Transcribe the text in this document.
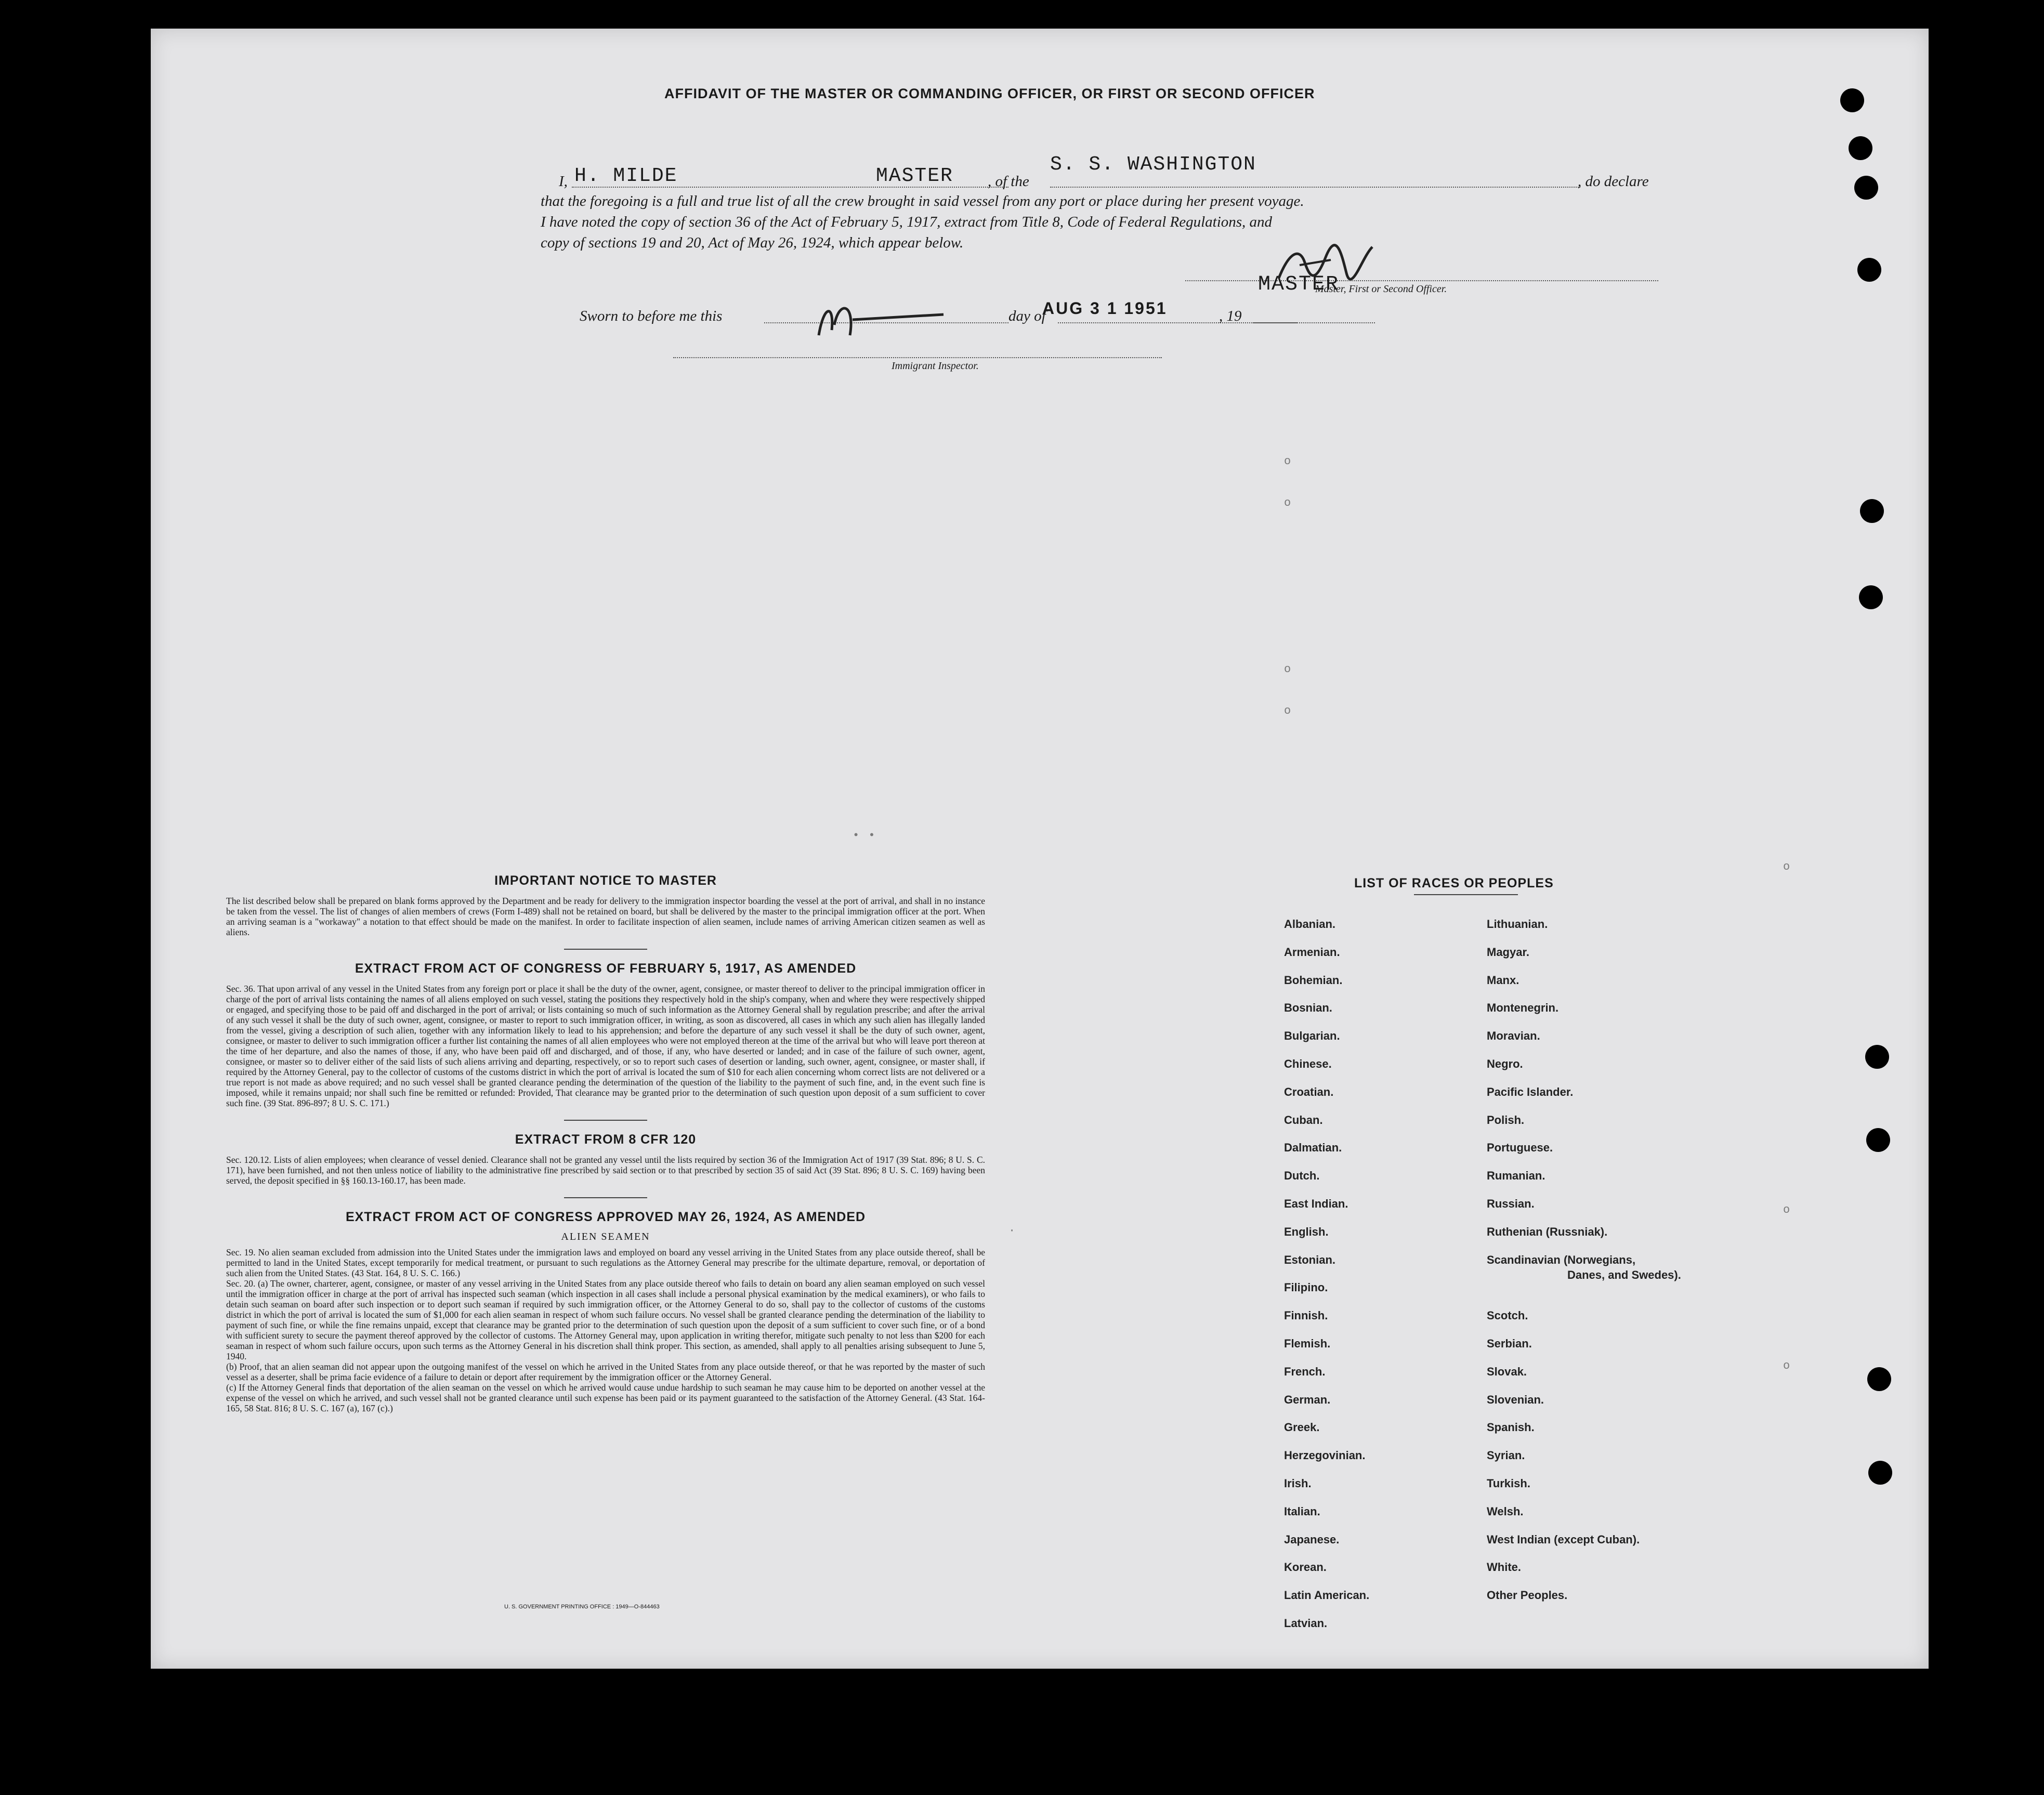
AFFIDAVIT OF THE MASTER OR COMMANDING OFFICER, OR FIRST OR SECOND OFFICER
I, H. MILDE	MASTER , of the
S. S. WASHINGTON
, do declare
that the foregoing is a full and true list of all the crew brought in said vessel from any port or place during her present voyage.
I have noted the copy of section 36 of the Act of February 5, 1917, extract from Title 8, Code of Federal Regulations, and
copy of sections 19 and 20, Act of May 26, 1924, which appear below.
MASTER
Master, First or Second Officer.
Sworn to before me this	day of
AUG 3 1 1951	, 19
Immigrant Inspector.
IMPORTANT NOTICE TO MASTER
The list described below shall be prepared on blank forms approved by the Department and be ready for delivery to the immigration inspector boarding the vessel at the port of arrival, and shall in no instance be taken from the vessel. The list of changes of alien members of crews (Form I-489) shall not be retained on board, but shall be delivered by the master to the principal immigration officer at the port. When an arriving seaman is a "workaway" a notation to that effect should be made on the manifest. In order to facilitate inspection of alien seamen, include names of arriving American citizen seamen as well as aliens.
EXTRACT FROM ACT OF CONGRESS OF FEBRUARY 5, 1917, AS AMENDED
Sec. 36. That upon arrival of any vessel in the United States from any foreign port or place it shall be the duty of the owner, agent, consignee, or master thereof to deliver to the principal immigration officer in charge of the port of arrival lists containing the names of all aliens employed on such vessel, stating the positions they respectively hold in the ship's company, when and where they were respectively shipped or engaged, and specifying those to be paid off and discharged in the port of arrival; or lists containing so much of such information as the Attorney General shall by regulation prescribe; and after the arrival of any such vessel it shall be the duty of such owner, agent, consignee, or master to report to such immigration officer, in writing, as soon as discovered, all cases in which any such alien has illegally landed from the vessel, giving a description of such alien, together with any information likely to lead to his apprehension; and before the departure of any such vessel it shall be the duty of such owner, agent, consignee, or master to deliver to such immigration officer a further list containing the names of all alien employees who were not employed thereon at the time of the arrival but who will leave port thereon at the time of her departure, and also the names of those, if any, who have been paid off and discharged, and of those, if any, who have deserted or landed; and in case of the failure of such owner, agent, consignee, or master so to deliver either of the said lists of such aliens arriving and departing, respectively, or so to report such cases of desertion or landing, such owner, agent, consignee, or master shall, if required by the Attorney General, pay to the collector of customs of the customs district in which the port of arrival is located the sum of $10 for each alien concerning whom correct lists are not delivered or a true report is not made as above required; and no such vessel shall be granted clearance pending the determination of the question of the liability to the payment of such fine, and, in the event such fine is imposed, while it remains unpaid; nor shall such fine be remitted or refunded: Provided, That clearance may be granted prior to the determination of such question upon deposit of a sum sufficient to cover such fine. (39 Stat. 896-897; 8 U. S. C. 171.)
EXTRACT FROM 8 CFR 120
Sec. 120.12. Lists of alien employees; when clearance of vessel denied. Clearance shall not be granted any vessel until the lists required by section 36 of the Immigration Act of 1917 (39 Stat. 896; 8 U. S. C. 171), have been furnished, and not then unless notice of liability to the administrative fine prescribed by said section or to that prescribed by section 35 of said Act (39 Stat. 896; 8 U. S. C. 169) having been served, the deposit specified in §§ 160.13-160.17, has been made.
EXTRACT FROM ACT OF CONGRESS APPROVED MAY 26, 1924, AS AMENDED
ALIEN SEAMEN
Sec. 19. No alien seaman excluded from admission into the United States under the immigration laws and employed on board any vessel arriving in the United States from any place outside thereof, shall be permitted to land in the United States, except temporarily for medical treatment, or pursuant to such regulations as the Attorney General may prescribe for the ultimate departure, removal, or deportation of such alien from the United States. (43 Stat. 164, 8 U. S. C. 166.)
Sec. 20. (a) The owner, charterer, agent, consignee, or master of any vessel arriving in the United States from any place outside thereof who fails to detain on board any alien seaman employed on such vessel until the immigration officer in charge at the port of arrival has inspected such seaman (which inspection in all cases shall include a personal physical examination by the medical examiners), or who fails to detain such seaman on board after such inspection or to deport such seaman if required by such immigration officer, or the Attorney General to do so, shall pay to the collector of customs of the customs district in which the port of arrival is located the sum of $1,000 for each alien seaman in respect of whom such failure occurs. No vessel shall be granted clearance pending the determination of the liability to payment of such fine, or while the fine remains unpaid, except that clearance may be granted prior to the determination of such question upon the deposit of a sum sufficient to cover such fine, or of a bond with sufficient surety to secure the payment thereof approved by the collector of customs. The Attorney General may, upon application in writing therefor, mitigate such penalty to not less than $200 for each seaman in respect of whom such failure occurs, upon such terms as the Attorney General in his discretion shall think proper. This section, as amended, shall apply to all penalties arising subsequent to June 5, 1940.
(b) Proof, that an alien seaman did not appear upon the outgoing manifest of the vessel on which he arrived in the United States from any place outside thereof, or that he was reported by the master of such vessel as a deserter, shall be prima facie evidence of a failure to detain or deport after requirement by the immigration officer or the Attorney General.
(c) If the Attorney General finds that deportation of the alien seaman on the vessel on which he arrived would cause undue hardship to such seaman he may cause him to be deported on another vessel at the expense of the vessel on which he arrived, and such vessel shall not be granted clearance until such expense has been paid or its payment guaranteed to the satisfaction of the Attorney General. (43 Stat. 164-165, 58 Stat. 816; 8 U. S. C. 167 (a), 167 (c).)
U. S. GOVERNMENT PRINTING OFFICE : 1949—O-844463
LIST OF RACES OR PEOPLES
Albanian.
Armenian.
Bohemian.
Bosnian.
Bulgarian.
Chinese.
Croatian.
Cuban.
Dalmatian.
Dutch.
East Indian.
English.
Estonian.
Filipino.
Finnish.
Flemish.
French.
German.
Greek.
Herzegovinian.
Irish.
Italian.
Japanese.
Korean.
Latin American.
Latvian.
Lithuanian.
Magyar.
Manx.
Montenegrin.
Moravian.
Negro.
Pacific Islander.
Polish.
Portuguese.
Rumanian.
Russian.
Ruthenian (Russniak).
Scandinavian (Norwegians,
Danes, and Swedes).
Scotch.
Serbian.
Slovak.
Slovenian.
Spanish.
Syrian.
Turkish.
Welsh.
West Indian (except Cuban).
White.
Other Peoples.
o
o
o
o
• •
o
o
o
·
